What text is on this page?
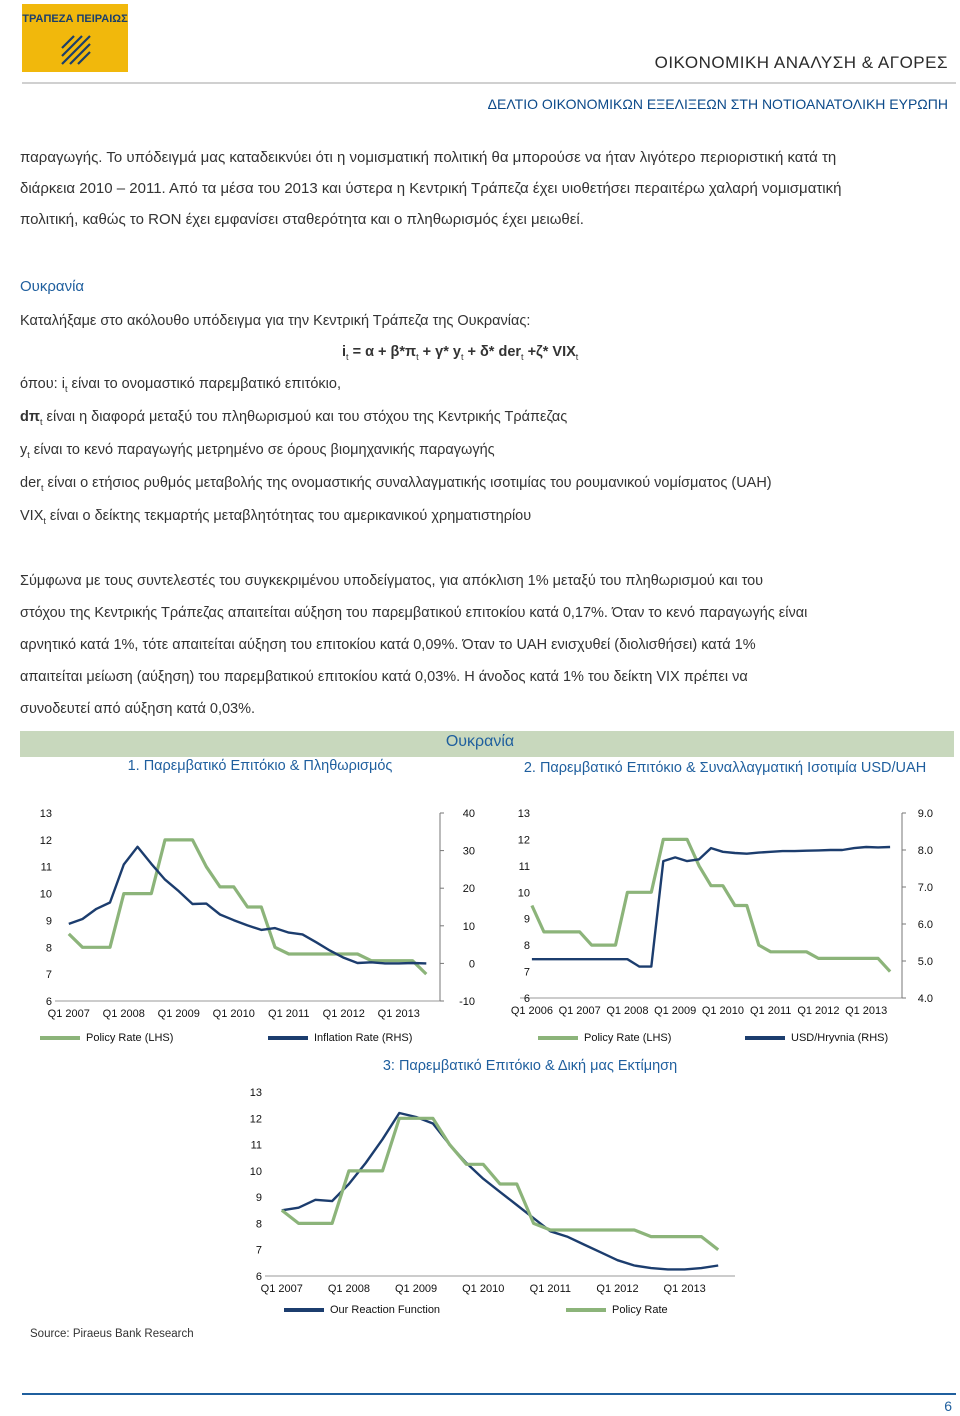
ΤΡΑΠΕΖΑ ΠΕΙΡΑΙΩΣ
ΟΙΚΟΝΟΜΙΚΗ ΑΝΑΛΥΣΗ & ΑΓΟΡΕΣ
ΔΕΛΤΙΟ ΟΙΚΟΝΟΜΙΚΩΝ ΕΞΕΛΙΞΕΩΝ ΣΤΗ ΝΟΤΙΟΑΝΑΤΟΛΙΚΗ ΕΥΡΩΠΗ

παραγωγής. Το υπόδειγμά μας καταδεικνύει ότι η νομισματική πολιτική θα μπορούσε να ήταν λιγότερο περιοριστική κατά τη

διάρκεια 2010 – 2011. Από τα μέσα του 2013 και ύστερα η Κεντρική Τράπεζα έχει υιοθετήσει περαιτέρω χαλαρή νομισματική

πολιτική, καθώς το RON έχει εμφανίσει σταθερότητα και ο πληθωρισμός έχει μειωθεί.

Ουκρανία
Καταλήξαμε στο ακόλουθο υπόδειγμα για την Κεντρική Τράπεζα της Ουκρανίας:
$i_t = \alpha + \beta*\pi_t + \gamma*$ $y_t + \delta*$ der$_t$ +ζ* $VIX_t$
όπου: $i_t$ είναι το ονομαστικό παρεμβατικό επιτόκιο,
$d\pi_t$ είναι η διαφορά μεταξύ του πληθωρισμού και του στόχου της Κεντρικής Τράπεζας
$y_t$ είναι το κενό παραγωγής μετρημένο σε όρους βιομηχανικής παραγωγής
der$_t$ είναι ο ετήσιος ρυθμός μεταβολής της ονομαστικής συναλλαγματικής ισοτιμίας του ρουμανικού νομίσματος (UAH)
$VIX_t$ είναι ο δείκτης τεκμαρτής μεταβλητότητας του αμερικανικού χρηματιστηρίου

Σύμφωνα με τους συντελεστές του συγκεκριμένου υποδείγματος, για απόκλιση 1% μεταξύ του πληθωρισμού και του

στόχου της Κεντρικής Τράπεζας απαιτείται αύξηση του παρεμβατικού επιτοκίου κατά 0,17%. Όταν το κενό παραγωγής είναι

αρνητικό κατά 1%, τότε απαιτείται αύξηση του επιτοκίου κατά 0,09%. Όταν το UAH ενισχυθεί (διολισθήσει) κατά 1%

απαιτείται μείωση (αύξηση) του παρεμβατικού επιτοκίου κατά 0,03%. Η άνοδος κατά 1% του δείκτη VIX πρέπει να

συνοδευτεί από αύξηση κατά 0,03%.

Ουκρανία
1. Παρεμβατικό Επιτόκιο & Πληθωρισμός	2. Παρεμβατικό Επιτόκιο & Συναλλαγματική Ισοτιμία USD/UAH
3: Παρεμβατικό Επιτόκιο & Δική μας Εκτίμηση
6
7
8
9
10
11
12
13
-10
0
10
20
30
40
Q1 2007 Q1 2008 Q1 2009 Q1 2010 Q1 2011 Q1 2012 Q1 2013
6
7
8
9
10
11
12
13
4.0
5.0
6.0
7.0
8.0
9.0
Q1 2006 Q1 2007 Q1 2008 Q1 2009 Q1 2010 Q1 2011 Q1 2012 Q1 2013
6
7
8
9
10
11
12
13
Q1 2007 Q1 2008 Q1 2009 Q1 2010 Q1 2011 Q1 2012 Q1 2013
Policy Rate (LHS)	Inflation Rate (RHS)	Policy Rate (LHS)	USD/Hryvnia (RHS)
Our Reaction Function	Policy Rate
Source: Piraeus Bank Research
6
